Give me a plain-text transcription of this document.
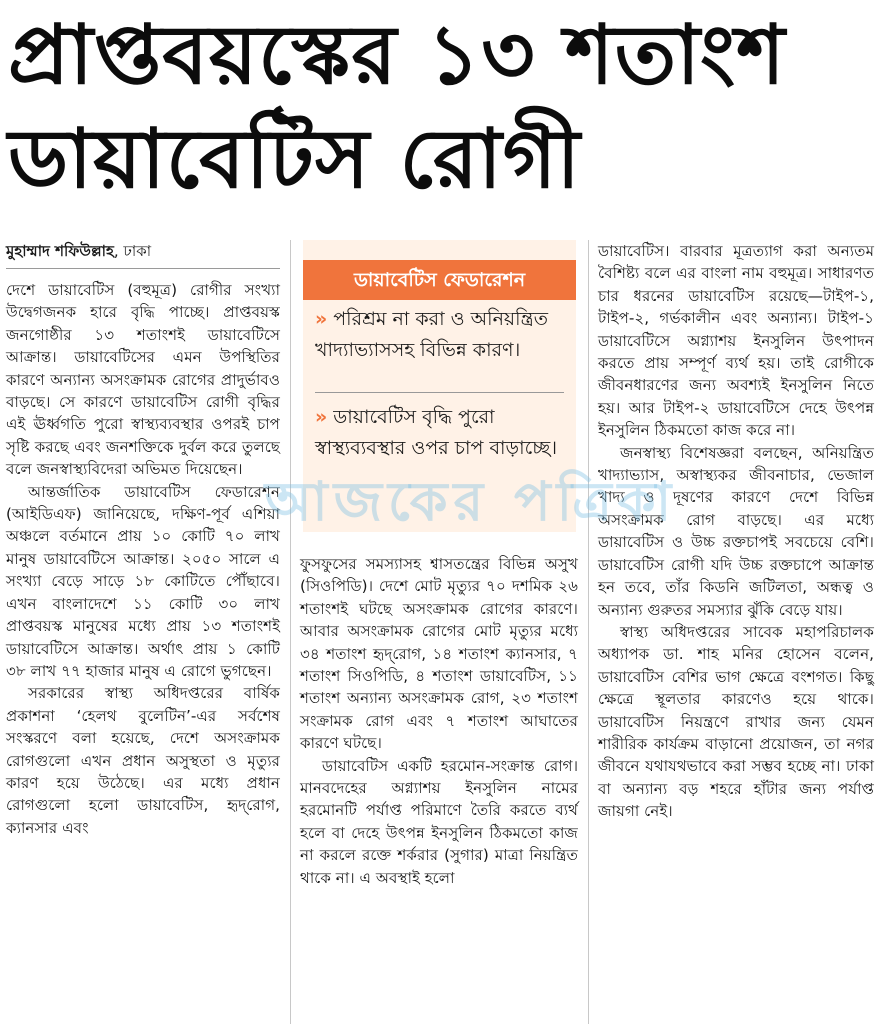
প্রাপ্তবয়স্কের ১৩ শতাংশ
ডায়াবেটিস রোগী
মুহাম্মাদ শফিউল্লাহ, ঢাকা

দেশে ডায়াবেটিস (বহুমূত্র) রোগীর সংখ্যা উদ্বেগজনক হারে বৃদ্ধি পাচ্ছে। প্রাপ্তবয়স্ক জনগোষ্ঠীর ১৩ শতাংশই ডায়াবেটিসে আক্রান্ত। ডায়াবেটিসের এমন উপস্থিতির কারণে অন্যান্য অসংক্রামক রোগের প্রাদুর্ভাবও বাড়ছে। সে কারণে ডায়াবেটিস রোগী বৃদ্ধির এই ঊর্ধ্বগতি পুরো স্বাস্থ্যব্যবস্থার ওপরই চাপ সৃষ্টি করছে এবং জনশক্তিকে দুর্বল করে তুলছে বলে জনস্বাস্থ্যবিদেরা অভিমত দিয়েছেন।

আন্তর্জাতিক ডায়াবেটিস ফেডারেশন (আইডিএফ) জানিয়েছে, দক্ষিণ-পূর্ব এশিয়া অঞ্চলে বর্তমানে প্রায় ১০ কোটি ৭০ লাখ মানুষ ডায়াবেটিসে আক্রান্ত। ২০৫০ সালে এ সংখ্যা বেড়ে সাড়ে ১৮ কোটিতে পৌঁছাবে। এখন বাংলাদেশে ১১ কোটি ৩০ লাখ প্রাপ্তবয়স্ক মানুষের মধ্যে প্রায় ১৩ শতাংশই ডায়াবেটিসে আক্রান্ত। অর্থাৎ প্রায় ১ কোটি ৩৮ লাখ ৭৭ হাজার মানুষ এ রোগে ভুগছেন।

সরকারের স্বাস্থ্য অধিদপ্তরের বার্ষিক প্রকাশনা ‘হেলথ বুলেটিন’-এর সর্বশেষ সংস্করণে বলা হয়েছে, দেশে অসংক্রামক রোগগুলো এখন প্রধান অসুস্থতা ও মৃত্যুর কারণ হয়ে উঠেছে। এর মধ্যে প্রধান রোগগুলো হলো ডায়াবেটিস, হৃদ্‌রোগ, ক্যানসার এবং

ডায়াবেটিস ফেডারেশন
» পরিশ্রম না করা ও অনিয়ন্ত্রিত খাদ্যাভ্যাসসহ বিভিন্ন কারণ।
» ডায়াবেটিস বৃদ্ধি পুরো স্বাস্থ্যব্যবস্থার ওপর চাপ বাড়াচ্ছে।

ফুসফুসের সমস্যাসহ শ্বাসতন্ত্রের বিভিন্ন অসুখ (সিওপিডি)। দেশে মোট মৃত্যুর ৭০ দশমিক ২৬ শতাংশই ঘটছে অসংক্রামক রোগের কারণে। আবার অসংক্রামক রোগের মোট মৃত্যুর মধ্যে ৩৪ শতাংশ হৃদ্‌রোগ, ১৪ শতাংশ ক্যানসার, ৭ শতাংশ সিওপিডি, ৪ শতাংশ ডায়াবেটিস, ১১ শতাংশ অন্যান্য অসংক্রামক রোগ, ২৩ শতাংশ সংক্রামক রোগ এবং ৭ শতাংশ আঘাতের কারণে ঘটছে।

ডায়াবেটিস একটি হরমোন-সংক্রান্ত রোগ। মানবদেহের অগ্ন্যাশয় ইনসুলিন নামের হরমোনটি পর্যাপ্ত পরিমাণে তৈরি করতে ব্যর্থ হলে বা দেহে উৎপন্ন ইনসুলিন ঠিকমতো কাজ না করলে রক্তে শর্করার (সুগার) মাত্রা নিয়ন্ত্রিত থাকে না। এ অবস্থাই হলো

ডায়াবেটিস। বারবার মূত্রত্যাগ করা অন্যতম বৈশিষ্ট্য বলে এর বাংলা নাম বহুমূত্র। সাধারণত চার ধরনের ডায়াবেটিস রয়েছে—টাইপ-১, টাইপ-২, গর্ভকালীন এবং অন্যান্য। টাইপ-১ ডায়াবেটিসে অগ্ন্যাশয় ইনসুলিন উৎপাদন করতে প্রায় সম্পূর্ণ ব্যর্থ হয়। তাই রোগীকে জীবনধারণের জন্য অবশ্যই ইনসুলিন নিতে হয়। আর টাইপ-২ ডায়াবেটিসে দেহে উৎপন্ন ইনসুলিন ঠিকমতো কাজ করে না।

জনস্বাস্থ্য বিশেষজ্ঞরা বলছেন, অনিয়ন্ত্রিত খাদ্যাভ্যাস, অস্বাস্থ্যকর জীবনাচার, ভেজাল খাদ্য ও দূষণের কারণে দেশে বিভিন্ন অসংক্রামক রোগ বাড়ছে। এর মধ্যে ডায়াবেটিস ও উচ্চ রক্তচাপই সবচেয়ে বেশি। ডায়াবেটিস রোগী যদি উচ্চ রক্তচাপে আক্রান্ত হন তবে, তাঁর কিডনি জটিলতা, অন্ধত্ব ও অন্যান্য গুরুতর সমস্যার ঝুঁকি বেড়ে যায়।

স্বাস্থ্য অধিদপ্তরের সাবেক মহাপরিচালক অধ্যাপক ডা. শাহ মনির হোসেন বলেন, ডায়াবেটিস বেশির ভাগ ক্ষেত্রে বংশগত। কিছু ক্ষেত্রে স্থূলতার কারণেও হয়ে থাকে। ডায়াবেটিস নিয়ন্ত্রণে রাখার জন্য যেমন শারীরিক কার্যক্রম বাড়ানো প্রয়োজন, তা নগর জীবনে যথাযথভাবে করা সম্ভব হচ্ছে না। ঢাকা বা অন্যান্য বড় শহরে হাঁটার জন্য পর্যাপ্ত জায়গা নেই।

আজকের পত্রিকা
